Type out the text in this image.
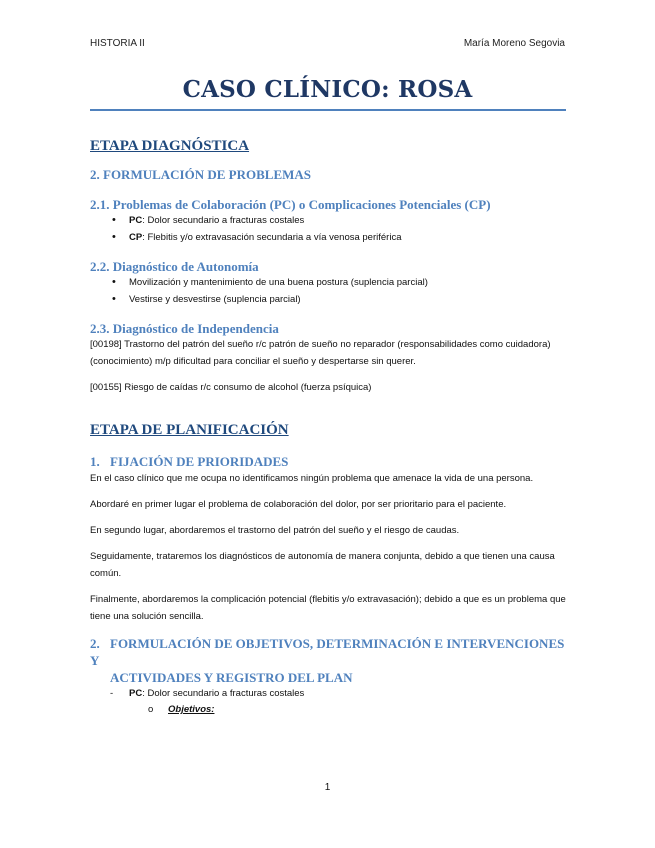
HISTORIA II	María Moreno Segovia
CASO CLÍNICO: ROSA

ETAPA DIAGNÓSTICA

2. FORMULACIÓN DE PROBLEMAS

2.1. Problemas de Colaboración (PC) o Complicaciones Potenciales (CP)

• PC: Dolor secundario a fracturas costales
• CP: Flebitis y/o extravasación secundaria a vía venosa periférica

2.2. Diagnóstico de Autonomía

• Movilización y mantenimiento de una buena postura (suplencia parcial)
• Vestirse y desvestirse (suplencia parcial)

2.3. Diagnóstico de Independencia

[00198] Trastorno del patrón del sueño r/c patrón de sueño no reparador (responsabilidades como cuidadora) (conocimiento) m/p dificultad para conciliar el sueño y despertarse sin querer.

[00155] Riesgo de caídas r/c consumo de alcohol (fuerza psíquica)

ETAPA DE PLANIFICACIÓN

1. FIJACIÓN DE PRIORIDADES

En el caso clínico que me ocupa no identificamos ningún problema que amenace la vida de una persona.

Abordaré en primer lugar el problema de colaboración del dolor, por ser prioritario para el paciente.

En segundo lugar, abordaremos el trastorno del patrón del sueño y el riesgo de caudas.

Seguidamente, trataremos los diagnósticos de autonomía de manera conjunta, debido a que tienen una causa común.

Finalmente, abordaremos la complicación potencial (flebitis y/o extravasación); debido a que es un problema que tiene una solución sencilla.

2. FORMULACIÓN DE OBJETIVOS, DETERMINACIÓN E INTERVENCIONES Y

ACTIVIDADES Y REGISTRO DEL PLAN

- PC: Dolor secundario a fracturas costales
o Objetivos:
1
